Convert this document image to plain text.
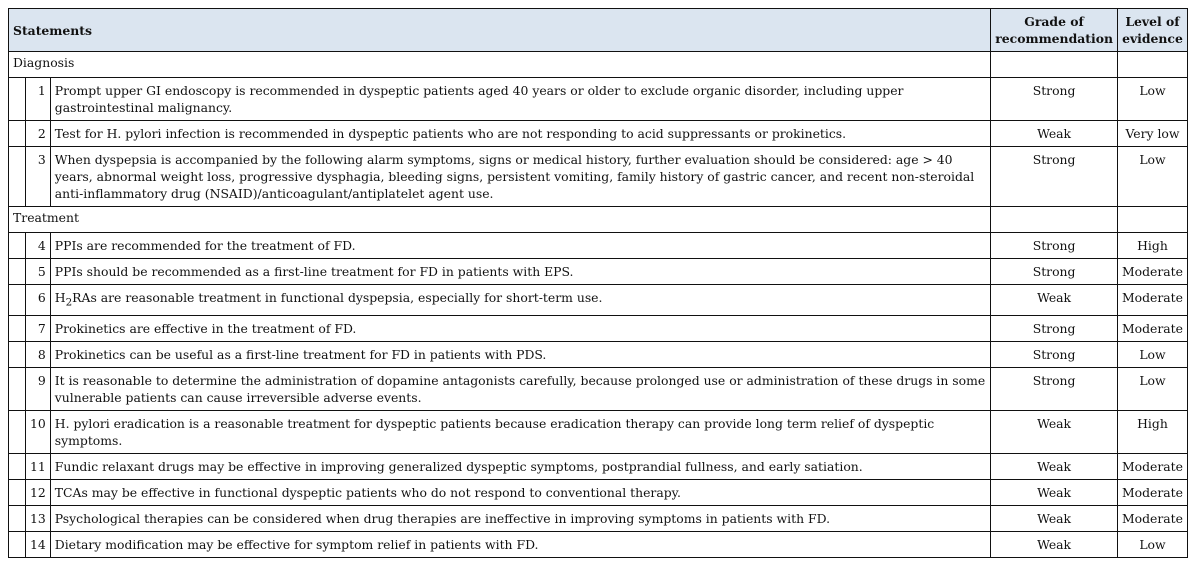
Statements			Grade of recommendation	Level of evidence
Diagnosis				
	1	Prompt upper GI endoscopy is recommended in dyspeptic patients aged 40 years or older to exclude organic disorder, including upper gastrointestinal malignancy.	Strong	Low
	2	Test for H. pylori infection is recommended in dyspeptic patients who are not responding to acid suppressants or prokinetics.	Weak	Very low
	3	When dyspepsia is accompanied by the following alarm symptoms, signs or medical history, further evaluation should be considered: age > 40 years, abnormal weight loss, progressive dysphagia, bleeding signs, persistent vomiting, family history of gastric cancer, and recent non-steroidal anti-inflammatory drug (NSAID)/anticoagulant/antiplatelet agent use.	Strong	Low
Treatment				
	4	PPIs are recommended for the treatment of FD.	Strong	High
	5	PPIs should be recommended as a first-line treatment for FD in patients with EPS.	Strong	Moderate
	6	$H_2RAs$ are reasonable treatment in functional dyspepsia, especially for short-term use.	Weak	Moderate
	7	Prokinetics are effective in the treatment of FD.	Strong	Moderate
	8	Prokinetics can be useful as a first-line treatment for FD in patients with PDS.	Strong	Low
	9	It is reasonable to determine the administration of dopamine antagonists carefully, because prolonged use or administration of these drugs in some vulnerable patients can cause irreversible adverse events.	Strong	Low
	10	H. pylori eradication is a reasonable treatment for dyspeptic patients because eradication therapy can provide long term relief of dyspeptic symptoms.	Weak	High
	11	Fundic relaxant drugs may be effective in improving generalized dyspeptic symptoms, postprandial fullness, and early satiation.	Weak	Moderate
	12	TCAs may be effective in functional dyspeptic patients who do not respond to conventional therapy.	Weak	Moderate
	13	Psychological therapies can be considered when drug therapies are ineffective in improving symptoms in patients with FD.	Weak	Moderate
	14	Dietary modification may be effective for symptom relief in patients with FD.	Weak	Low
